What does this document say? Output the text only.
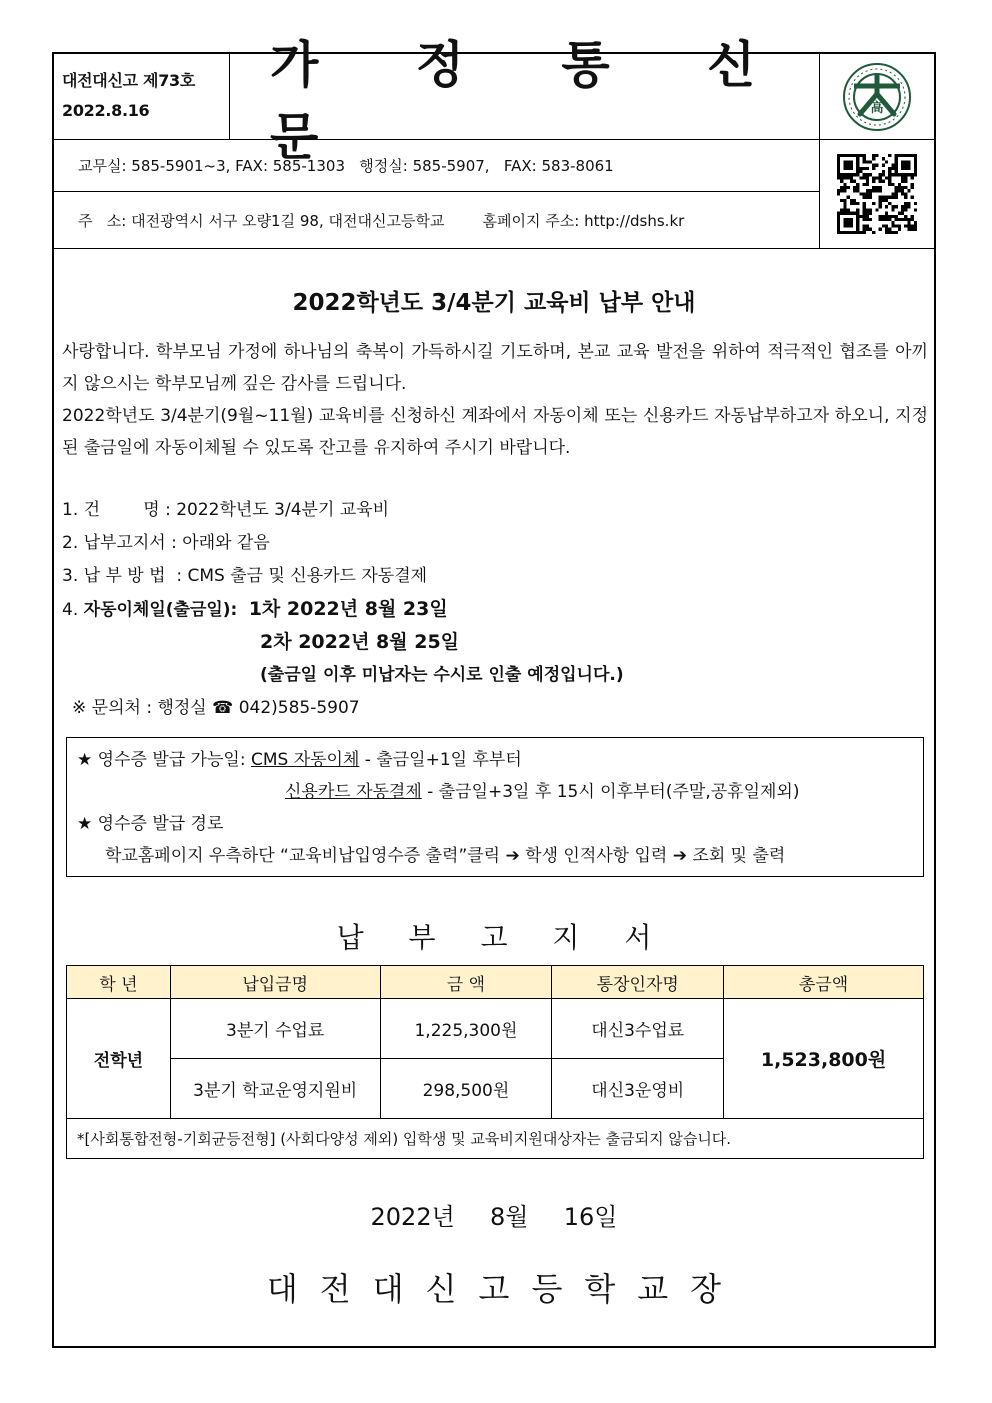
대전대신고 제73호
2022.8.16
가 정 통 신 문	高
교무실: 585-5901~3, FAX: 585-1303   행정실: 585-5907,   FAX: 583-8061
주   소: 대전광역시 서구 오량1길 98, 대전대신고등학교        홈페이지 주소: http://dshs.kr
2022학년도 3/4분기 교육비 납부 안내
사랑합니다. 학부모님 가정에 하나님의 축복이 가득하시길 기도하며, 본교 교육 발전을 위하여 적극적인 협조를 아끼지 않으시는 학부모님께 깊은 감사를 드립니다.
2022학년도 3/4분기(9월~11월) 교육비를 신청하신 계좌에서 자동이체 또는 신용카드 자동납부하고자 하오니, 지정된 출금일에 자동이체될 수 있도록 잔고를 유지하여 주시기 바랍니다.
1. 건        명 : 2022학년도 3/4분기 교육비
2. 납부고지서 : 아래와 같음
3. 납 부 방 법  : CMS 출금 및 신용카드 자동결제
4. 자동이체일(출금일):  1차 2022년 8월 23일
2차 2022년 8월 25일
(출금일 이후 미납자는 수시로 인출 예정입니다.)
※ 문의처 : 행정실 ☎ 042)585-5907
★ 영수증 발급 가능일: CMS 자동이체 - 출금일+1일 후부터
신용카드 자동결제 - 출금일+3일 후 15시 이후부터(주말,공휴일제외)
★ 영수증 발급 경로
학교홈페이지 우측하단 “교육비납입영수증 출력”클릭 ➔ 학생 인적사항 입력 ➔ 조회 및 출력
납 부 고 지 서
학 년	납입금명	금 액	통장인자명	총금액
전학년	3분기 수업료	1,225,300원	대신3수업료	1,523,800원
	3분기 학교운영지원비	298,500원	대신3운영비	
*[사회통합전형-기회균등전형] (사회다양성 제외) 입학생 및 교육비지원대상자는 출금되지 않습니다.				
2022년  8월  16일
대전대신고등학교장
